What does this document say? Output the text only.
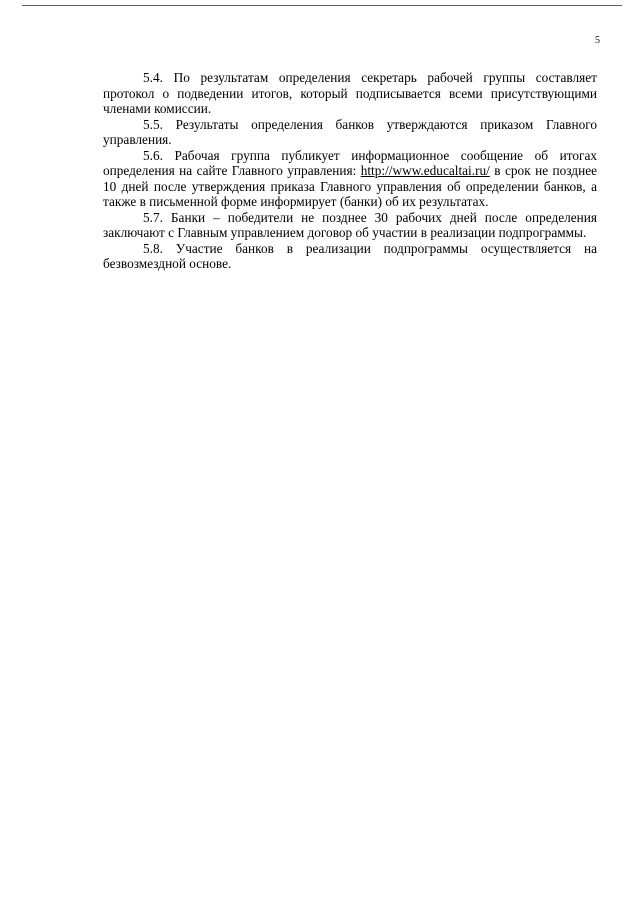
5

5.4. По результатам определения секретарь рабочей группы составляет протокол о подведении итогов, который подписывается всеми присутствующими членами комиссии.

5.5. Результаты определения банков утверждаются приказом Главного управления.

5.6. Рабочая группа публикует информационное сообщение об итогах определения на сайте Главного управления: http://www.educaltai.ru/ в срок не позднее 10 дней после утверждения приказа Главного управления об определении банков, а также в письменной форме информирует (банки) об их результатах.

5.7. Банки – победители не позднее 30 рабочих дней после определения заключают с Главным управлением договор об участии в реализации подпрограммы.

5.8. Участие банков в реализации подпрограммы осуществляется на безвозмездной основе.
